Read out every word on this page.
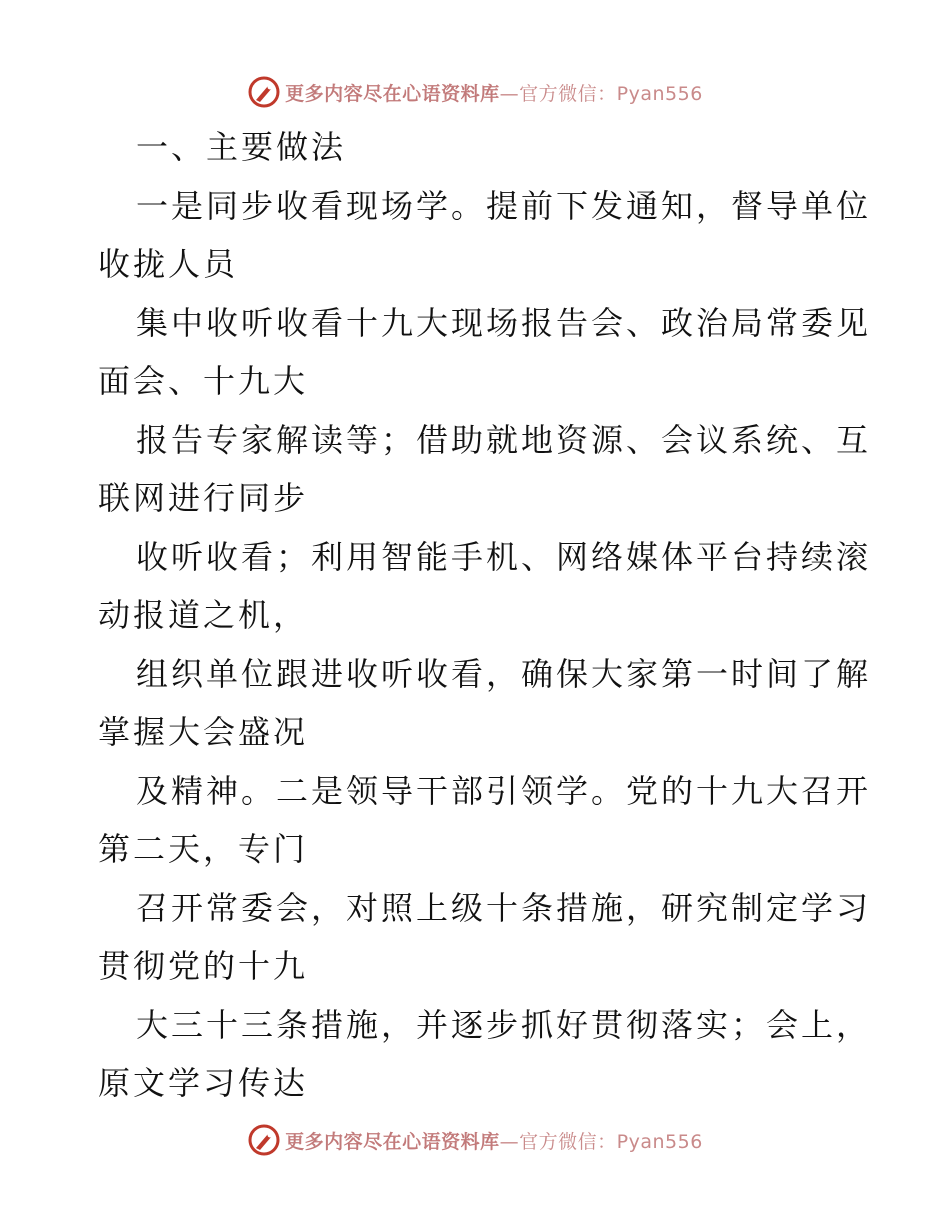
更多内容尽在心语资料库—官方微信：Pyan556
一、主要做法
一是同步收看现场学。提前下发通知，督导单位
收拢人员
集中收听收看十九大现场报告会、政治局常委见
面会、十九大
报告专家解读等；借助就地资源、会议系统、互
联网进行同步
收听收看；利用智能手机、网络媒体平台持续滚
动报道之机，
组织单位跟进收听收看，确保大家第一时间了解
掌握大会盛况
及精神。二是领导干部引领学。党的十九大召开
第二天，专门
召开常委会，对照上级十条措施，研究制定学习
贯彻党的十九
大三十三条措施，并逐步抓好贯彻落实；会上，
原文学习传达
更多内容尽在心语资料库—官方微信：Pyan556
